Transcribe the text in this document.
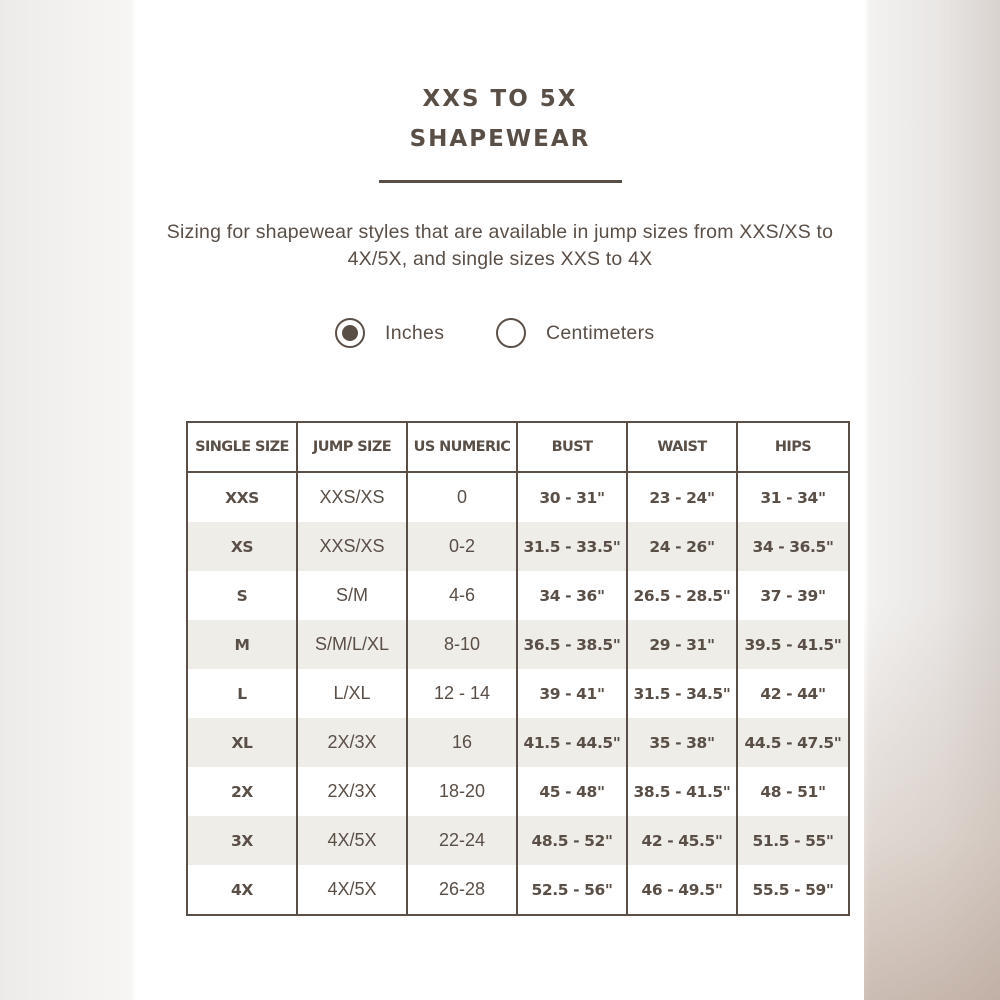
XXS TO 5X
SHAPEWEAR
Sizing for shapewear styles that are available in jump sizes from XXS/XS to 4X/5X, and single sizes XXS to 4X
Inches	Centimeters
SINGLE SIZE	JUMP SIZE	US NUMERIC	BUST	WAIST	HIPS
XXS	XXS/XS	0	30 - 31"	23 - 24"	31 - 34"
XS	XXS/XS	0-2	31.5 - 33.5"	24 - 26"	34 - 36.5"
S	S/M	4-6	34 - 36"	26.5 - 28.5"	37 - 39"
M	S/M/L/XL	8-10	36.5 - 38.5"	29 - 31"	39.5 - 41.5"
L	L/XL	12 - 14	39 - 41"	31.5 - 34.5"	42 - 44"
XL	2X/3X	16	41.5 - 44.5"	35 - 38"	44.5 - 47.5"
2X	2X/3X	18-20	45 - 48"	38.5 - 41.5"	48 - 51"
3X	4X/5X	22-24	48.5 - 52"	42 - 45.5"	51.5 - 55"
4X	4X/5X	26-28	52.5 - 56"	46 - 49.5"	55.5 - 59"
